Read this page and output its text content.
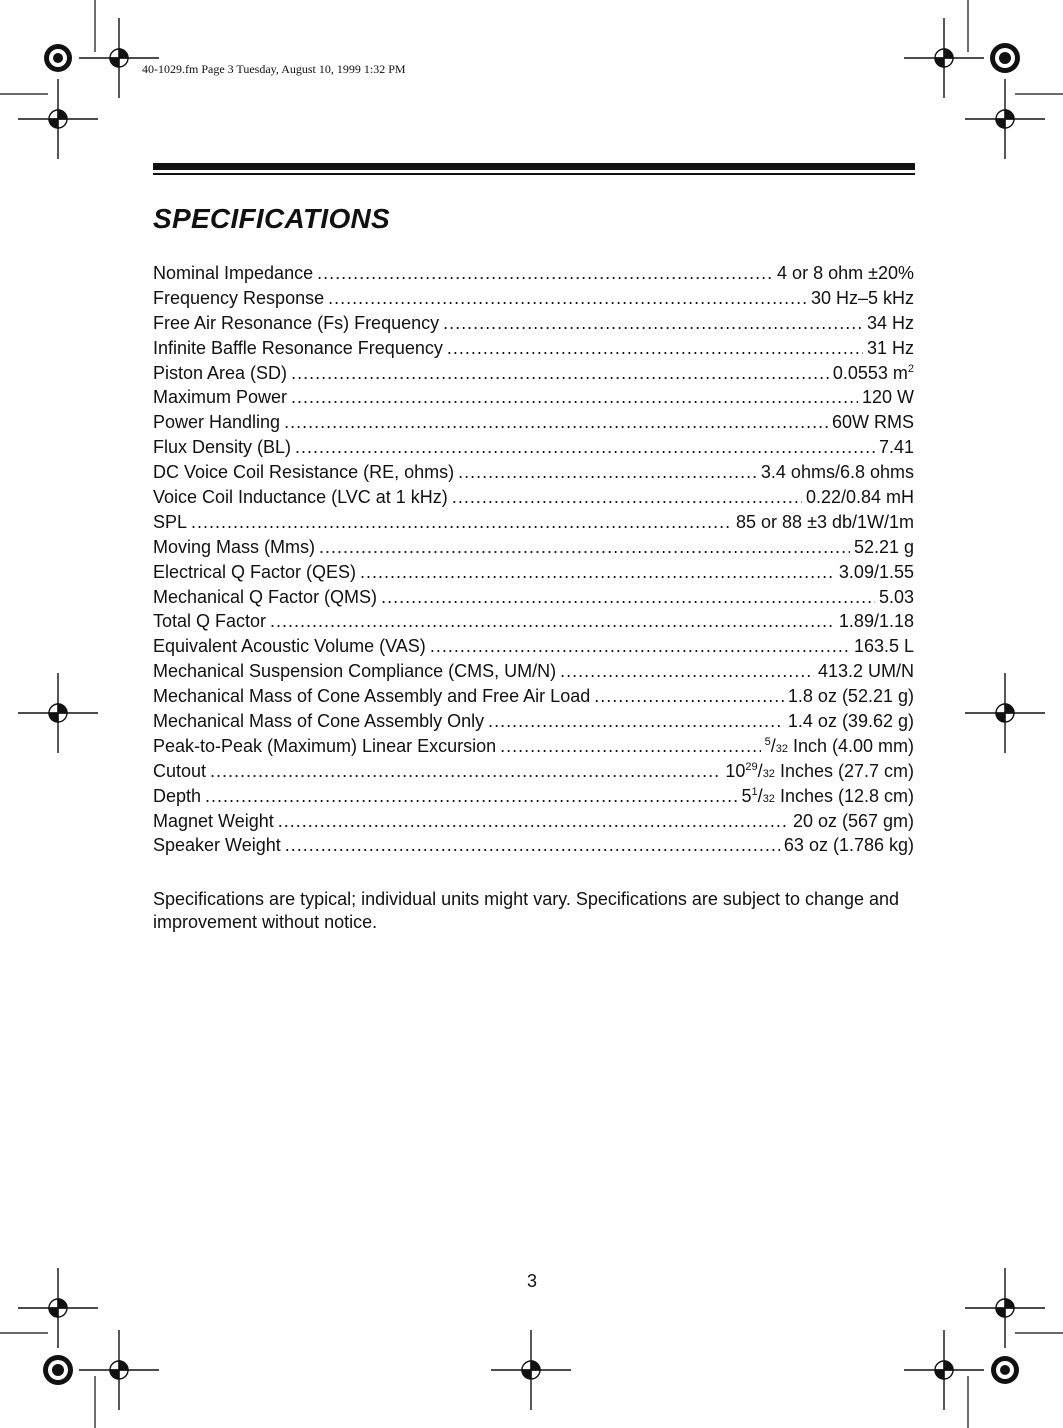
40-1029.fm Page 3 Tuesday, August 10, 1999 1:32 PM
SPECIFICATIONS
Nominal Impedance .....	4 or 8 ohm ±20%
Frequency Response .....	30 Hz–5 kHz
Free Air Resonance (Fs) Frequency .....	34 Hz
Infinite Baffle Resonance Frequency .....	31 Hz
Piston Area (SD) .....	0.0553 $m^2$
Maximum Power .....	120 W
Power Handling .....	60W RMS
Flux Density (BL) .....	7.41
DC Voice Coil Resistance (RE, ohms) .....	3.4 ohms/6.8 ohms
Voice Coil Inductance (LVC at 1 kHz) .....	0.22/0.84 mH
SPL .....	85 or 88 ±3 db/1W/1m
Moving Mass (Mms) .....	52.21 g
Electrical Q Factor (QES) .....	3.09/1.55
Mechanical Q Factor (QMS) .....	5.03
Total Q Factor .....	1.89/1.18
Equivalent Acoustic Volume (VAS) .....	163.5 L
Mechanical Suspension Compliance (CMS, UM/N) .....	413.2 UM/N
Mechanical Mass of Cone Assembly and Free Air Load .....	1.8 oz (52.21 g)
Mechanical Mass of Cone Assembly Only .....	1.4 oz (39.62 g)
Peak-to-Peak (Maximum) Linear Excursion .....	$^5$/32 Inch (4.00 mm)
Cutout .....	$10^{29}/32$ Inches (27.7 cm)
Depth .....	$5^1/32$ Inches (12.8 cm)
Magnet Weight .....	20 oz (567 gm)
Speaker Weight .....	63 oz (1.786 kg)

Specifications are typical; individual units might vary. Specifications are subject to change and improvement without notice.

3
